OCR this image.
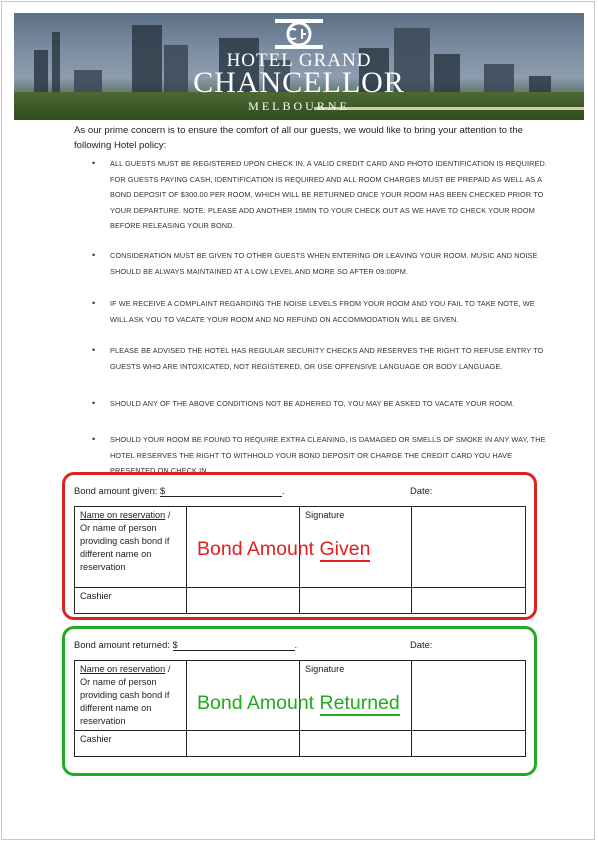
HOTEL GRAND
CHANCELLOR
MELBOURNE
As our prime concern is to ensure the comfort of all our guests, we would like to bring your attention to the following Hotel policy:
• ALL GUESTS MUST BE REGISTERED UPON CHECK IN, A VALID CREDIT CARD AND PHOTO IDENTIFICATION IS REQUIRED. FOR GUESTS PAYING CASH, IDENTIFICATION IS REQUIRED AND ALL ROOM CHARGES MUST BE PREPAID AS WELL AS A BOND DEPOSIT OF $300.00 PER ROOM, WHICH WILL BE RETURNED ONCE YOUR ROOM HAS BEEN CHECKED PRIOR TO YOUR DEPARTURE. NOTE: PLEASE ADD ANOTHER 15MIN TO YOUR CHECK OUT AS WE HAVE TO CHECK YOUR ROOM BEFORE RELEASING YOUR BOND.
• CONSIDERATION MUST BE GIVEN TO OTHER GUESTS WHEN ENTERING OR LEAVING YOUR ROOM. MUSIC AND NOISE SHOULD BE ALWAYS MAINTAINED AT A LOW LEVEL AND MORE SO AFTER 09:00PM.
• IF WE RECEIVE A COMPLAINT REGARDING THE NOISE LEVELS FROM YOUR ROOM AND YOU FAIL TO TAKE NOTE, WE WILL ASK YOU TO VACATE YOUR ROOM AND NO REFUND ON ACCOMMODATION WILL BE GIVEN.
• PLEASE BE ADVISED THE HOTEL HAS REGULAR SECURITY CHECKS AND RESERVES THE RIGHT TO REFUSE ENTRY TO GUESTS WHO ARE INTOXICATED, NOT REGISTERED, OR USE OFFENSIVE LANGUAGE OR BODY LANGUAGE.
• SHOULD ANY OF THE ABOVE CONDITIONS NOT BE ADHERED TO, YOU MAY BE ASKED TO VACATE YOUR ROOM.
• SHOULD YOUR ROOM BE FOUND TO REQUIRE EXTRA CLEANING, IS DAMAGED OR SMELLS OF SMOKE IN ANY WAY, THE HOTEL RESERVES THE RIGHT TO WITHHOLD YOUR BOND DEPOSIT OR CHARGE THE CREDIT CARD YOU HAVE PRESENTED ON CHECK IN.
Bond amount given: $	.	Date:
Name on reservation / Or name of person providing cash bond if different name on reservation		Signature	
Cashier			
Bond Amount Given
Bond amount returned: $	.	Date:
Name on reservation / Or name of person providing cash bond if different name on reservation		Signature	
Cashier			
Bond Amount Returned
